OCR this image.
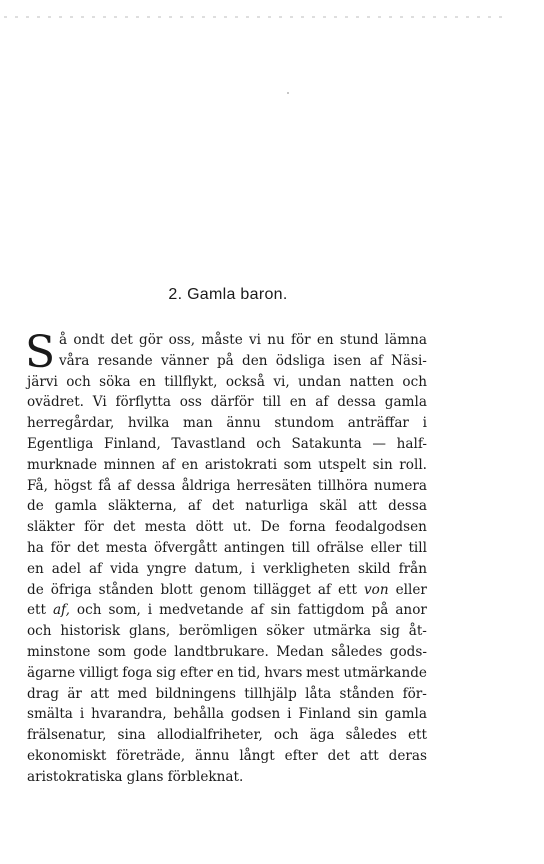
2. Gamla baron.
S å ondt det gör oss, måste vi nu för en stund lämna
våra resande vänner på den ödsliga isen af Näsi-
järvi och söka en tillflykt, också vi, undan natten och
ovädret. Vi förflytta oss därför till en af dessa gamla
herregårdar, hvilka man ännu stundom anträffar i
Egentliga Finland, Tavastland och Satakunta — half-
murknade minnen af en aristokrati som utspelt sin roll.
Få, högst få af dessa åldriga herresäten tillhöra numera
de gamla släkterna, af det naturliga skäl att dessa
släkter för det mesta dött ut. De forna feodalgodsen
ha för det mesta öfvergått antingen till ofrälse eller till
en adel af vida yngre datum, i verkligheten skild från
de öfriga stånden blott genom tillägget af ett von eller
ett af, och som, i medvetande af sin fattigdom på anor
och historisk glans, berömligen söker utmärka sig åt-
minstone som gode landtbrukare. Medan således gods-
ägarne villigt foga sig efter en tid, hvars mest utmärkande
drag är att med bildningens tillhjälp låta stånden för-
smälta i hvarandra, behålla godsen i Finland sin gamla
frälsenatur, sina allodialfriheter, och äga således ett
ekonomiskt företräde, ännu långt efter det att deras
aristokratiska glans förbleknat.
